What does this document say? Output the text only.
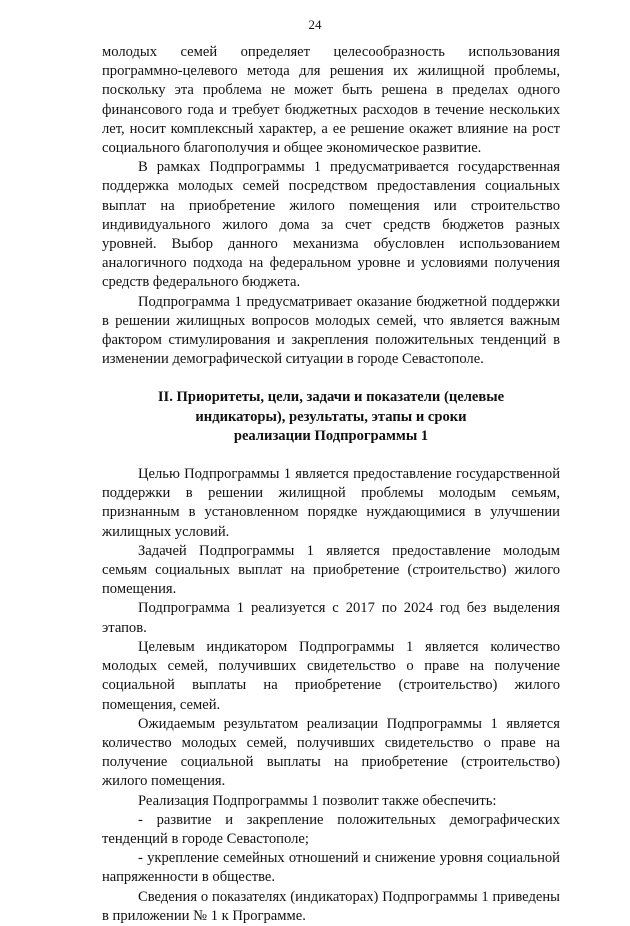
24

молодых семей определяет целесообразность использования программно-целевого метода для решения их жилищной проблемы, поскольку эта проблема не может быть решена в пределах одного финансового года и требует бюджетных расходов в течение нескольких лет, носит комплексный характер, а ее решение окажет влияние на рост социального благополучия и общее экономическое развитие.

В рамках Подпрограммы 1 предусматривается государственная поддержка молодых семей посредством предоставления социальных выплат на приобретение жилого помещения или строительство индивидуального жилого дома за счет средств бюджетов разных уровней. Выбор данного механизма обусловлен использованием аналогичного подхода на федеральном уровне и условиями получения средств федерального бюджета.

Подпрограмма 1 предусматривает оказание бюджетной поддержки в решении жилищных вопросов молодых семей, что является важным фактором стимулирования и закрепления положительных тенденций в изменении демографической ситуации в городе Севастополе.

II. Приоритеты, цели, задачи и показатели (целевые
индикаторы), результаты, этапы и сроки
реализации Подпрограммы 1

Целью Подпрограммы 1 является предоставление государственной поддержки в решении жилищной проблемы молодым семьям, признанным в установленном порядке нуждающимися в улучшении жилищных условий.

Задачей Подпрограммы 1 является предоставление молодым семьям социальных выплат на приобретение (строительство) жилого помещения.

Подпрограмма 1 реализуется с 2017 по 2024 год без выделения этапов.

Целевым индикатором Подпрограммы 1 является количество молодых семей, получивших свидетельство о праве на получение социальной выплаты на приобретение (строительство) жилого помещения, семей.

Ожидаемым результатом реализации Подпрограммы 1 является количество молодых семей, получивших свидетельство о праве на получение социальной выплаты на приобретение (строительство) жилого помещения.

Реализация Подпрограммы 1 позволит также обеспечить:

- развитие и закрепление положительных демографических тенденций в городе Севастополе;

- укрепление семейных отношений и снижение уровня социальной напряженности в обществе.

Сведения о показателях (индикаторах) Подпрограммы 1 приведены в приложении № 1 к Программе.
